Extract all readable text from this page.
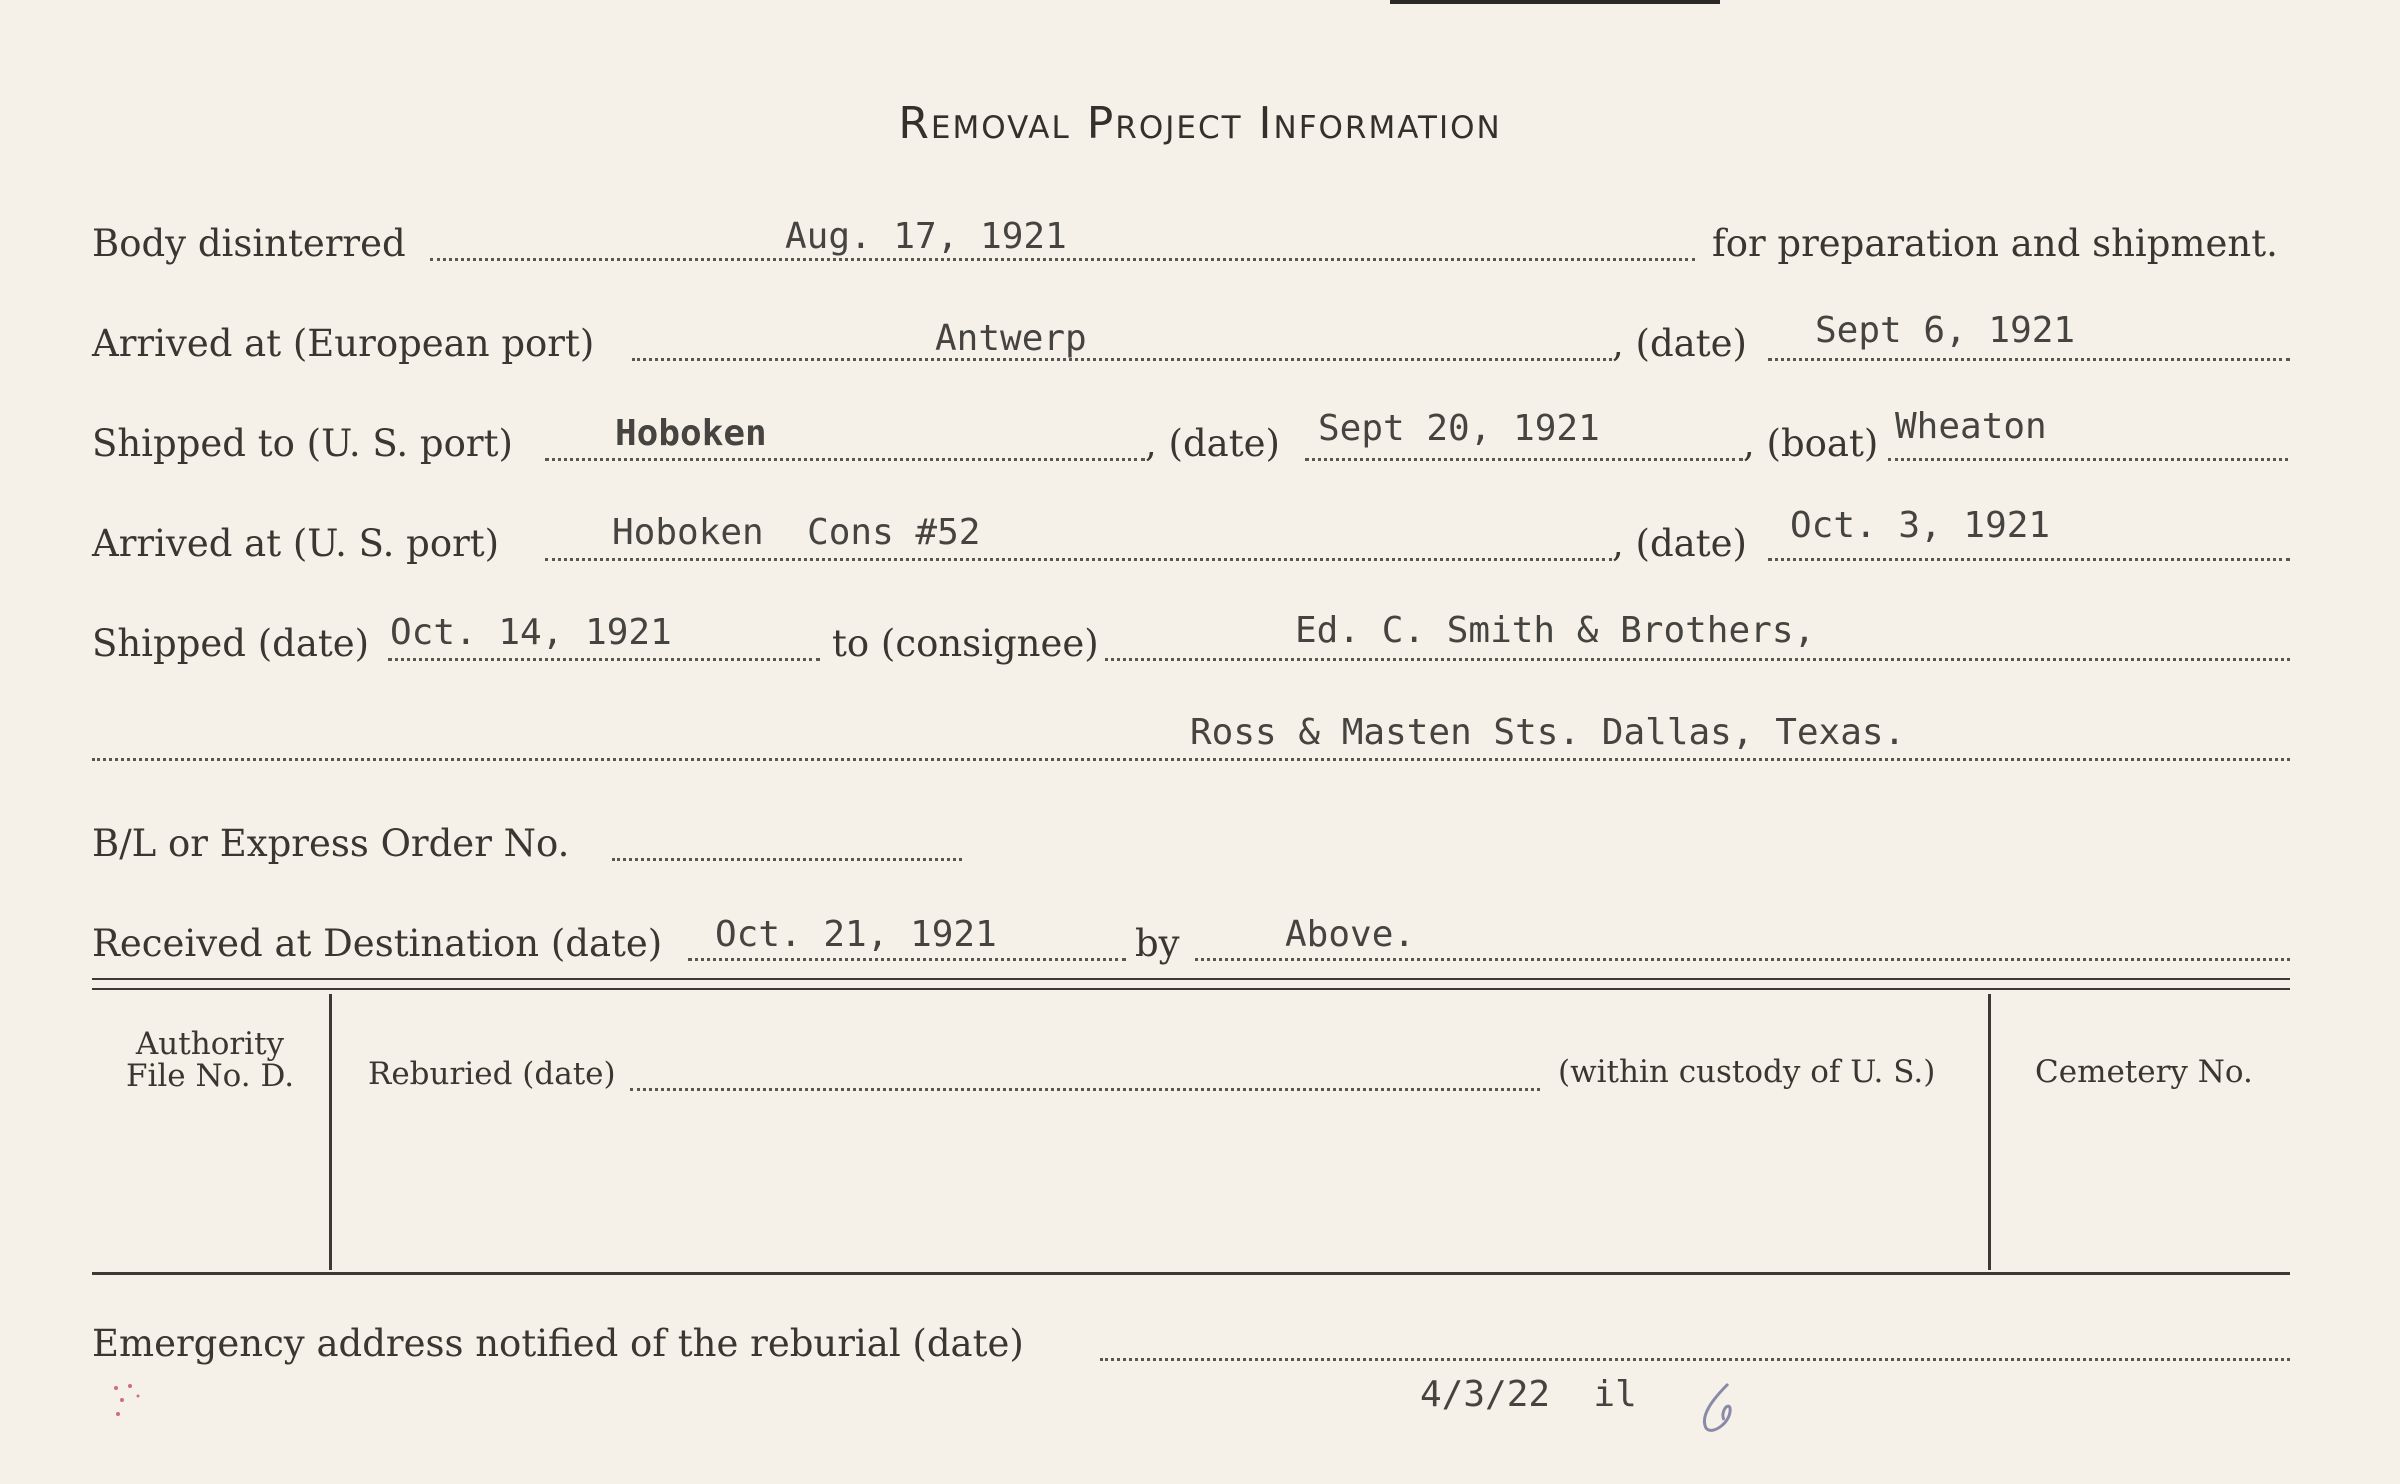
Removal Project Information
Body disinterred	Aug. 17, 1921	for preparation and shipment.
Arrived at (European port)	Antwerp	, (date) Sept 6, 1921
Shipped to (U. S. port)	Hoboken	, (date) Sept 20, 1921	, (boat) Wheaton
Arrived at (U. S. port)	Hoboken  Cons #52	, (date) Oct. 3, 1921
Shipped (date) Oct. 14, 1921	to (consignee)	Ed. C. Smith & Brothers,
Ross & Masten Sts. Dallas, Texas.
B/L or Express Order No.
Received at Destination (date) Oct. 21, 1921	by	Above.
Authority
File No. D.	Reburied (date)	(within custody of U. S.)	Cemetery No.
Emergency address notified of the reburial (date)
4/3/22  il
